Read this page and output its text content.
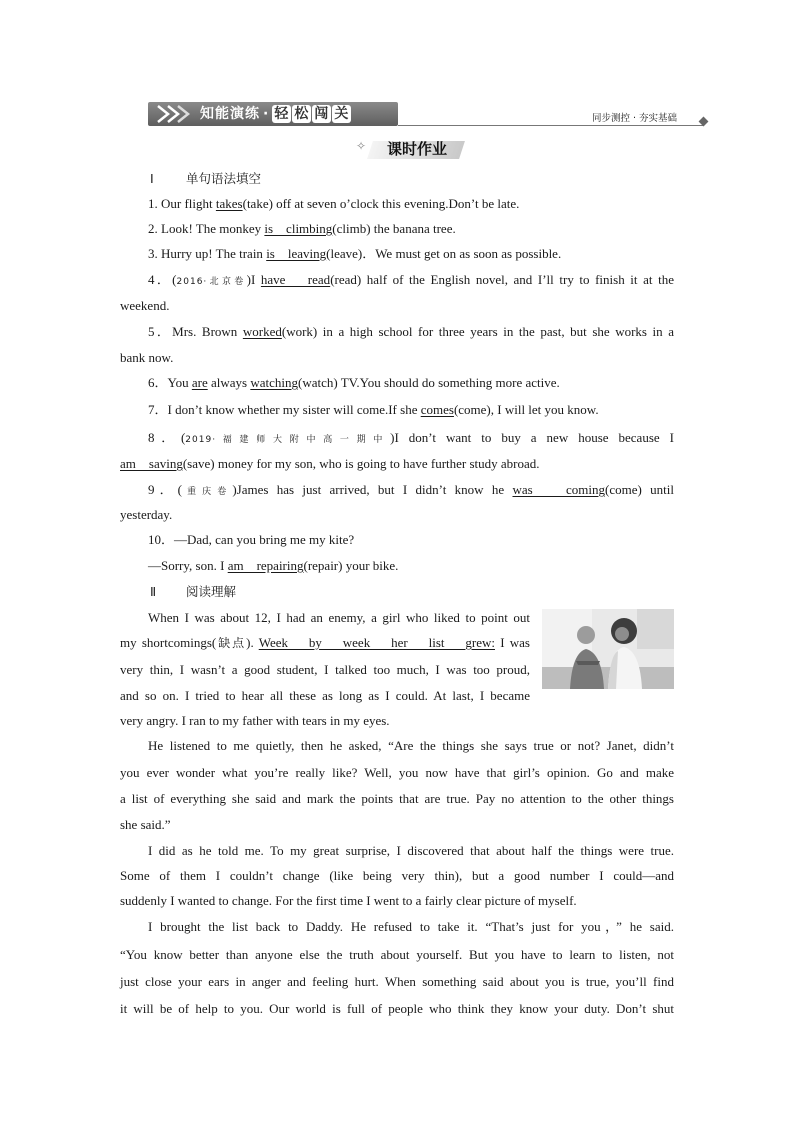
知能演练 · 轻 松 闯 关	同步测控 · 夯实基础
✧	课时作业
Ⅰ	单句语法填空
1. Our flight takes(take) off at seven o’clock this evening.Don’t be late.
2. Look! The monkey is    climbing(climb) the banana tree.
3. Hurry up! The train is    leaving(leave)．We must get on as soon as possible.
4．(2016·北京卷)I have    read(read) half of the English novel, and I’ll try to finish it at the
weekend.
5．Mrs. Brown worked(work) in a high school for three years in the past, but she works in a
bank now.
6．You are always watching(watch) TV.You should do something more active.
7．I don’t know whether my sister will come.If she comes(come), I will let you know.
8．(2019·福建师大附中高一期中)I don’t want to buy a new house because I
am    saving(save) money for my son, who is going to have further study abroad.
9．(重庆卷)James has just arrived, but I didn’t know he was    coming(come) until
yesterday.
10．—Dad, can you bring me my kite?
—Sorry, son. I am    repairing(repair) your bike.
Ⅱ 阅读理解
When I was about 12, I had an enemy, a girl who liked to point out
my shortcomings(缺点). Week    by    week    her    list    grew: I was
very thin, I wasn’t a good student, I talked too much, I was too proud,
and so on. I tried to hear all these as long as I could. At last, I became
very angry. I ran to my father with tears in my eyes.
He listened to me quietly, then he asked, “Are the things she says true or not? Janet, didn’t
you ever wonder what you’re really like? Well, you now have that girl’s opinion. Go and make
a list of everything she said and mark the points that are true. Pay no attention to the other things
she said.”
I did as he told me. To my great surprise, I discovered that about half the things were true.
Some of them I couldn’t change (like being very thin), but a good number I could—and
suddenly I wanted to change. For the first time I went to a fairly clear picture of myself.
I brought the list back to Daddy. He refused to take it. “That’s just for you，” he said.
“You know better than anyone else the truth about yourself. But you have to learn to listen, not
just close your ears in anger and feeling hurt. When something said about you is true, you’ll find
it will be of help to you. Our world is full of people who think they know your duty. Don’t shut
